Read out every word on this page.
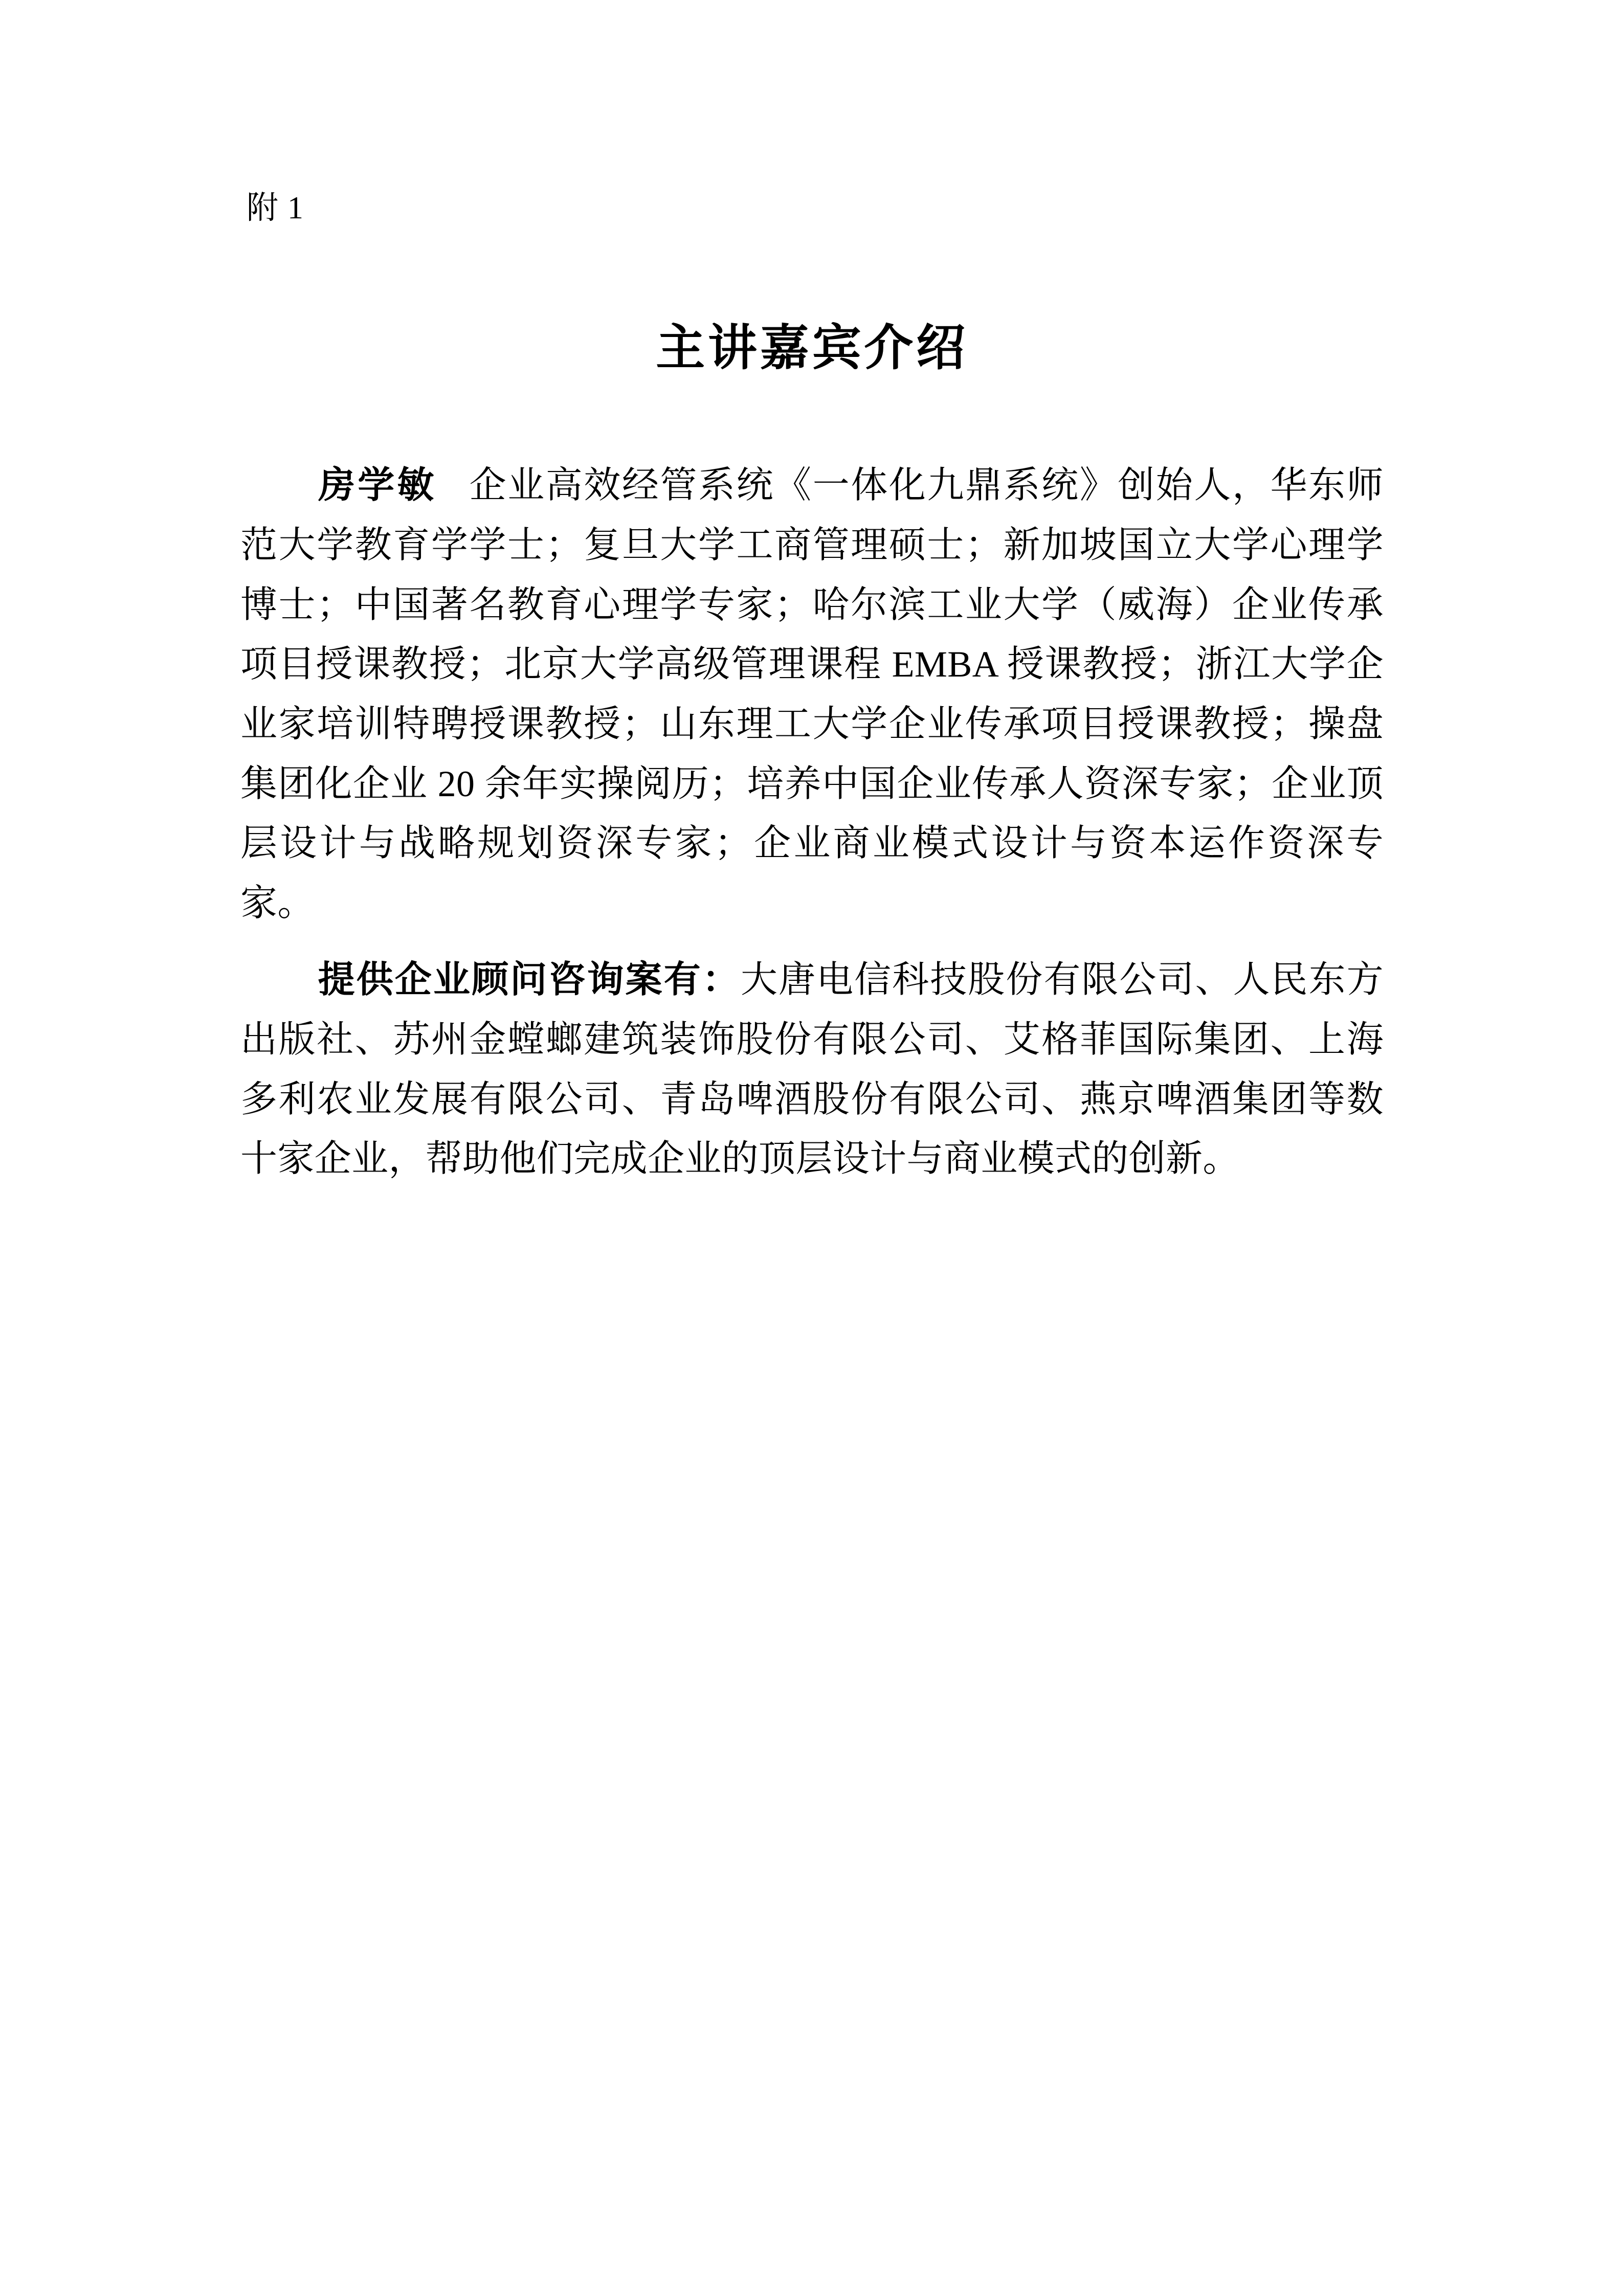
附 1
主讲嘉宾介绍

房学敏 企业高效经管系统《一体化九鼎系统》创始人，华东师范大学教育学学士；复旦大学工商管理硕士；新加坡国立大学心理学博士；中国著名教育心理学专家；哈尔滨工业大学（威海）企业传承项目授课教授；北京大学高级管理课程 EMBA 授课教授；浙江大学企业家培训特聘授课教授；山东理工大学企业传承项目授课教授；操盘集团化企业 20 余年实操阅历；培养中国企业传承人资深专家；企业顶层设计与战略规划资深专家；企业商业模式设计与资本运作资深专家。

提供企业顾问咨询案有：大唐电信科技股份有限公司、人民东方出版社、苏州金螳螂建筑装饰股份有限公司、艾格菲国际集团、上海多利农业发展有限公司、青岛啤酒股份有限公司、燕京啤酒集团等数十家企业，帮助他们完成企业的顶层设计与商业模式的创新。
